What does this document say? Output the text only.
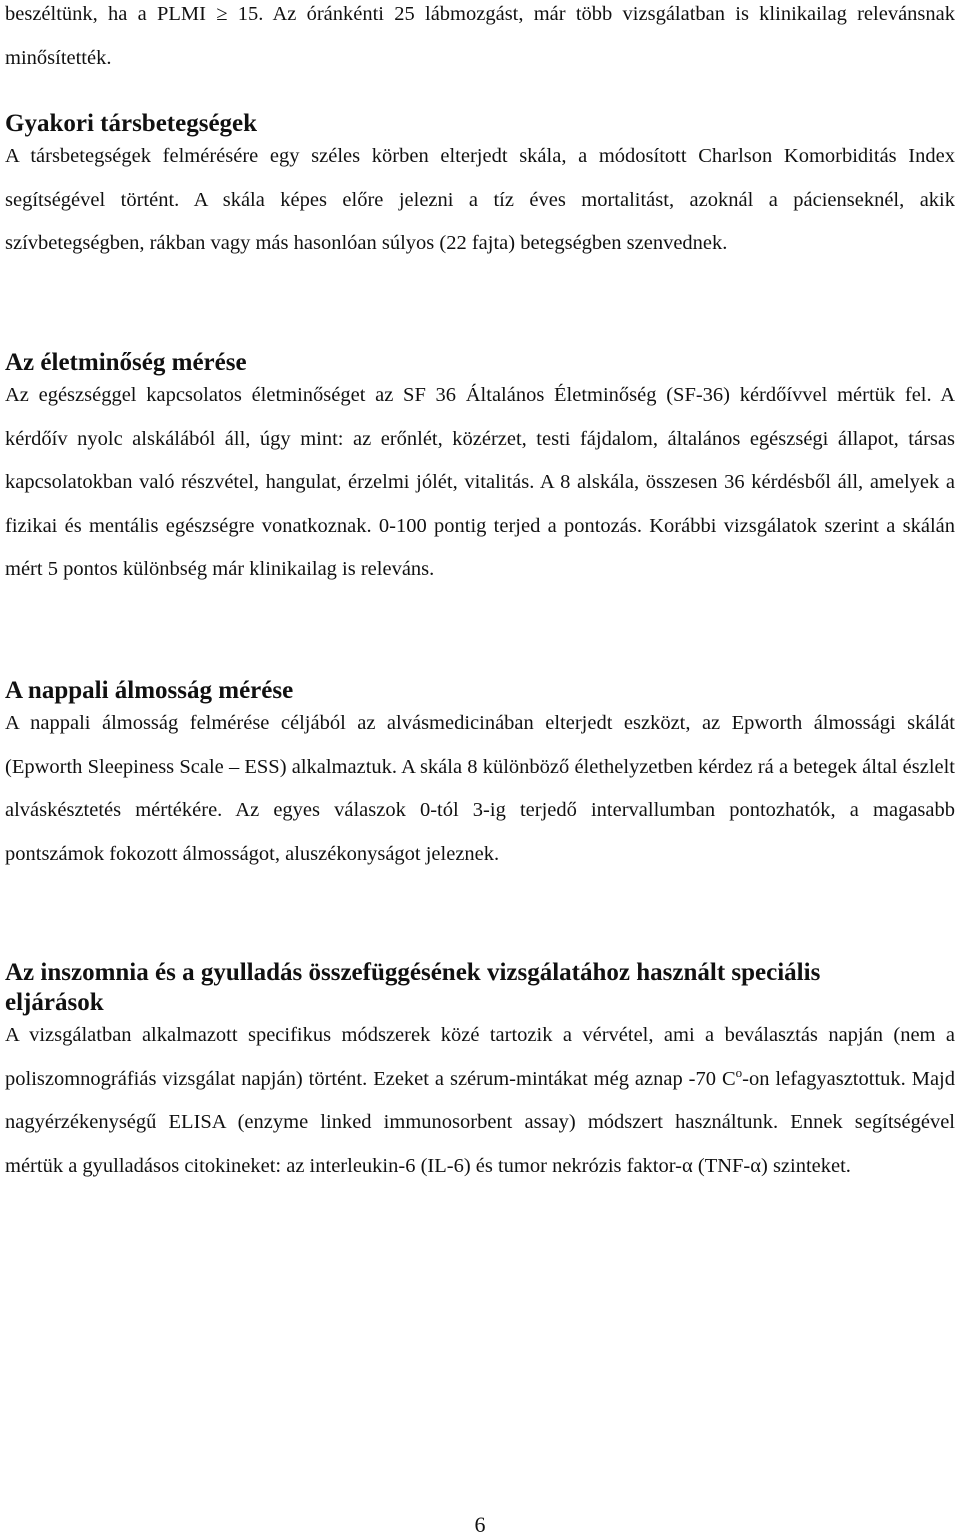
beszéltünk, ha a PLMI ≥ 15. Az óránkénti 25 lábmozgást, már több vizsgálatban is klinikailag relevánsnak minősítették.

Gyakori társbetegségek

A társbetegségek felmérésére egy széles körben elterjedt skála, a módosított Charlson Komorbiditás Index segítségével történt. A skála képes előre jelezni a tíz éves mortalitást, azoknál a pácienseknél, akik szívbetegségben, rákban vagy más hasonlóan súlyos (22 fajta) betegségben szenvednek.

Az életminőség mérése

Az egészséggel kapcsolatos életminőséget az SF 36 Általános Életminőség (SF-36) kérdőívvel mértük fel. A kérdőív nyolc alskálából áll, úgy mint: az erőnlét, közérzet, testi fájdalom, általános egészségi állapot, társas kapcsolatokban való részvétel, hangulat, érzelmi jólét, vitalitás. A 8 alskála, összesen 36 kérdésből áll, amelyek a fizikai és mentális egészségre vonatkoznak. 0-100 pontig terjed a pontozás. Korábbi vizsgálatok szerint a skálán mért 5 pontos különbség már klinikailag is releváns.

A nappali álmosság mérése

A nappali álmosság felmérése céljából az alvásmedicinában elterjedt eszközt, az Epworth álmossági skálát (Epworth Sleepiness Scale – ESS) alkalmaztuk. A skála 8 különböző élethelyzetben kérdez rá a betegek által észlelt alváskésztetés mértékére. Az egyes válaszok 0-tól 3-ig terjedő intervallumban pontozhatók, a magasabb pontszámok fokozott álmosságot, aluszékonyságot jeleznek.

Az inszomnia és a gyulladás összefüggésének vizsgálatához használt speciális eljárások

A vizsgálatban alkalmazott specifikus módszerek közé tartozik a vérvétel, ami a beválasztás napján (nem a poliszomnográfiás vizsgálat napján) történt. Ezeket a szérum-mintákat még aznap -70 $C^o-on$ lefagyasztottuk. Majd nagyérzékenységű ELISA (enzyme linked immunosorbent assay) módszert használtunk. Ennek segítségével mértük a gyulladásos citokineket: az interleukin-6 (IL-6) és tumor nekrózis faktor-α (TNF-α) szinteket.

6
